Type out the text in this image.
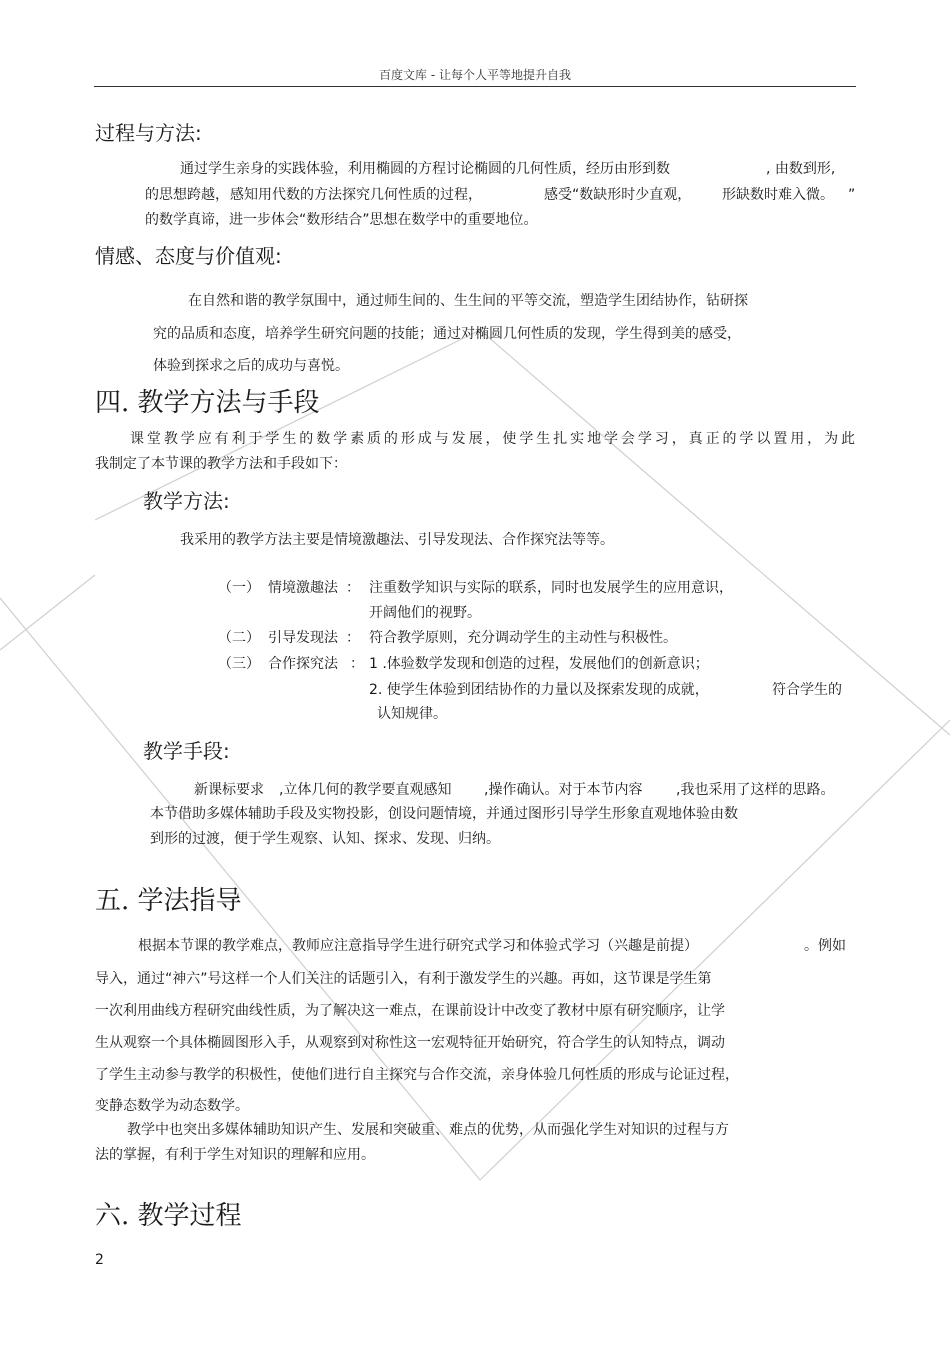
百度文库 - 让每个人平等地提升自我
过程与方法:
通过学生亲身的实践体验，利用椭圆的方程讨论椭圆的几何性质，经历由形到数	, 由数到形,
的思想跨越， 感知用代数的方法探究几何性质的过程，	感受“数缺形时少直观， 形缺数时难入微。 ”
的数学真谛，进一步体会“数形结合”思想在数学中的重要地位。
情感、态度与价值观:
在自然和谐的教学氛围中，通过师生间的、生生间的平等交流，塑造学生团结协作，钻研探
究的品质和态度，培养学生研究问题的技能；通过对椭圆几何性质的发现，学生得到美的感受，
体验到探求之后的成功与喜悦。
四. 教学方法与手段
课堂教学应有利于学生的数学素质的形成与发展，使学生扎实地学会学习，真正的学以置用，为此
我制定了本节课的教学方法和手段如下：
教学方法:
我采用的教学方法主要是情境激趣法、引导发现法、合作探究法等等。
（一） 情境激趣法 ： 注重数学知识与实际的联系，同时也发展学生的应用意识，
开阔他们的视野。
（二） 引导发现法 ： 符合教学原则，充分调动学生的主动性与积极性。
（三） 合作探究法 ： 1 .体验数学发现和创造的过程，发展他们的创新意识；
2. 使学生体验到团结协作的力量以及探索发现的成就，	符合学生的
认知规律。
教学手段:
新课标要求 ,立体几何的教学要直观感知 ,操作确认。对于本节内容 ,我也采用了这样的思路。
本节借助多媒体辅助手段及实物投影，创设问题情境，并通过图形引导学生形象直观地体验由数
到形的过渡，便于学生观察、认知、探求、发现、归纳。
五. 学法指导
根据本节课的教学难点，教师应注意指导学生进行研究式学习和体验式学习（兴趣是前提）	。例如
导入，通过“神六”号这样一个人们关注的话题引入，有利于激发学生的兴趣。再如，这节课是学生第
一次利用曲线方程研究曲线性质，为了解决这一难点，在课前设计中改变了教材中原有研究顺序，让学
生从观察一个具体椭圆图形入手，从观察到对称性这一宏观特征开始研究，符合学生的认知特点，调动
了学生主动参与教学的积极性，使他们进行自主探究与合作交流，亲身体验几何性质的形成与论证过程，
变静态数学为动态数学。
教学中也突出多媒体辅助知识产生、发展和突破重、难点的优势，从而强化学生对知识的过程与方
法的掌握，有利于学生对知识的理解和应用。
六. 教学过程
2
